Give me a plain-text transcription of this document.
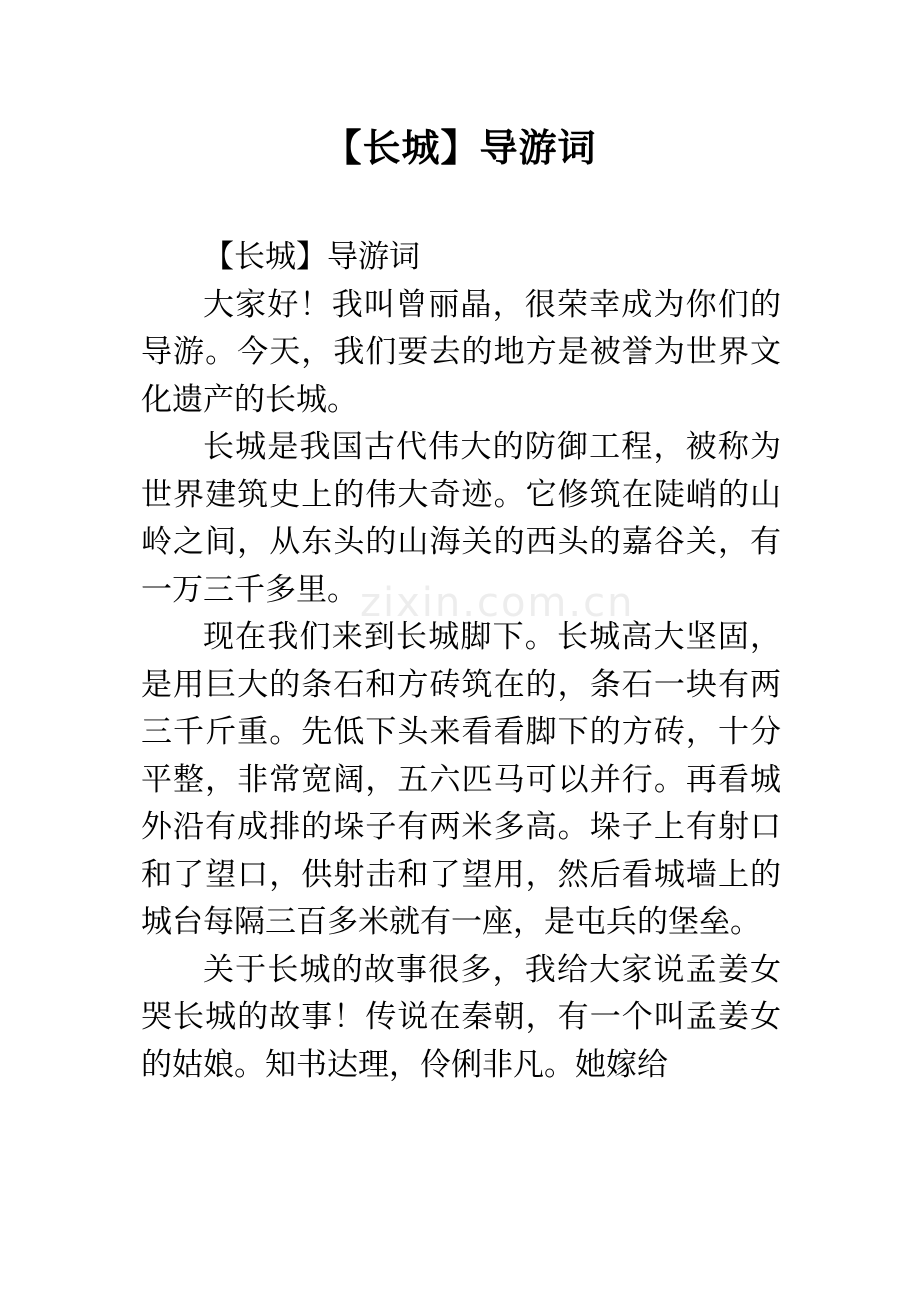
【长城】导游词

【长城】导游词

大家好！我叫曾丽晶，很荣幸成为你们的导游。今天，我们要去的地方是被誉为世界文化遗产的长城。

长城是我国古代伟大的防御工程，被称为世界建筑史上的伟大奇迹。它修筑在陡峭的山岭之间，从东头的山海关的西头的嘉谷关，有一万三千多里。

现在我们来到长城脚下。长城高大坚固，是用巨大的条石和方砖筑在的，条石一块有两三千斤重。先低下头来看看脚下的方砖，十分平整，非常宽阔，五六匹马可以并行。再看城外沿有成排的垛子有两米多高。垛子上有射口和了望口，供射击和了望用，然后看城墙上的城台每隔三百多米就有一座，是屯兵的堡垒。

关于长城的故事很多，我给大家说孟姜女哭长城的故事！传说在秦朝，有一个叫孟姜女的姑娘。知书达理，伶俐非凡。她嫁给

zixin.com.cn
